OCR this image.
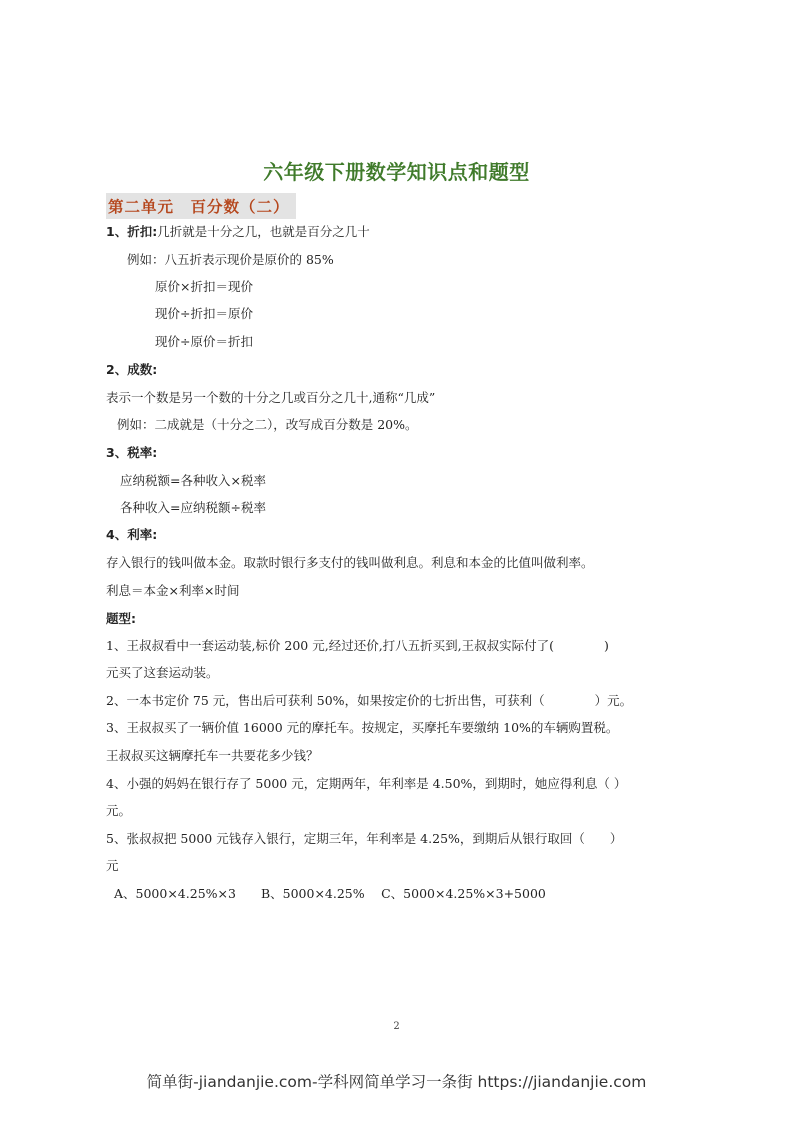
六年级下册数学知识点和题型
第二单元　百分数（二）
1、折扣:几折就是十分之几，也就是百分之几十
例如：八五折表示现价是原价的 85%
原价×折扣＝现价
现价÷折扣＝原价
现价÷原价＝折扣
2、成数:
表示一个数是另一个数的十分之几或百分之几十,通称“几成”
例如：二成就是（十分之二），改写成百分数是 20%。
3、税率:
应纳税额=各种收入×税率
各种收入=应纳税额÷税率
4、利率:
存入银行的钱叫做本金。取款时银行多支付的钱叫做利息。利息和本金的比值叫做利率。
利息＝本金×利率×时间
题型:
1、王叔叔看中一套运动装,标价 200 元,经过还价,打八五折买到,王叔叔实际付了(　　　　)
元买了这套运动装。
2、一本书定价 75 元，售出后可获利 50%，如果按定价的七折出售，可获利（　　　　）元。
3、王叔叔买了一辆价值 16000 元的摩托车。按规定，买摩托车要缴纳 10%的车辆购置税。
王叔叔买这辆摩托车一共要花多少钱？
4、小强的妈妈在银行存了 5000 元，定期两年，年利率是 4.50%，到期时，她应得利息（ ）
元。
5、张叔叔把 5000 元钱存入银行，定期三年，年利率是 4.25%，到期后从银行取回（　　）
元
A、5000×4.25%×3　　B、5000×4.25%　 C、5000×4.25%×3+5000
2
简单街-jiandanjie.com-学科网简单学习一条街 https://jiandanjie.com
